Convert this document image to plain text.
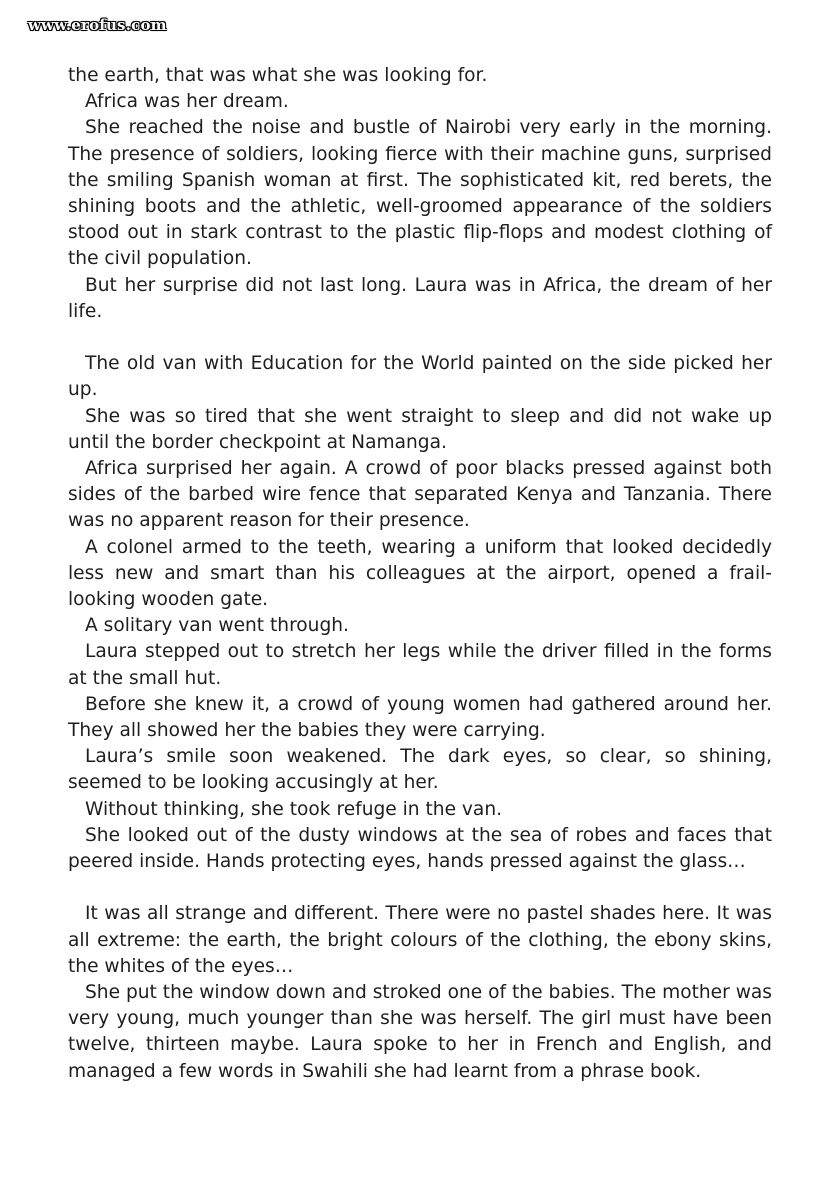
www.erofus.com

the earth, that was what she was looking for.

Africa was her dream.

She reached the noise and bustle of Nairobi very early in the morning. The presence of soldiers, looking fierce with their machine guns, surprised the smiling Spanish woman at first. The sophisticated kit, red berets, the shining boots and the athletic, well-groomed appearance of the soldiers stood out in stark contrast to the plastic flip-flops and modest clothing of the civil population.

But her surprise did not last long. Laura was in Africa, the dream of her life.

The old van with Education for the World painted on the side picked her up.

She was so tired that she went straight to sleep and did not wake up until the border checkpoint at Namanga.

Africa surprised her again. A crowd of poor blacks pressed against both sides of the barbed wire fence that separated Kenya and Tanzania. There was no apparent reason for their presence.

A colonel armed to the teeth, wearing a uniform that looked decidedly less new and smart than his colleagues at the airport, opened a frail-looking wooden gate.

A solitary van went through.

Laura stepped out to stretch her legs while the driver filled in the forms at the small hut.

Before she knew it, a crowd of young women had gathered around her. They all showed her the babies they were carrying.

Laura’s smile soon weakened. The dark eyes, so clear, so shining, seemed to be looking accusingly at her.

Without thinking, she took refuge in the van.

She looked out of the dusty windows at the sea of robes and faces that peered inside. Hands protecting eyes, hands pressed against the glass…

It was all strange and different. There were no pastel shades here. It was all extreme: the earth, the bright colours of the clothing, the ebony skins, the whites of the eyes…

She put the window down and stroked one of the babies. The mother was very young, much younger than she was herself. The girl must have been twelve, thirteen maybe. Laura spoke to her in French and English, and managed a few words in Swahili she had learnt from a phrase book.
